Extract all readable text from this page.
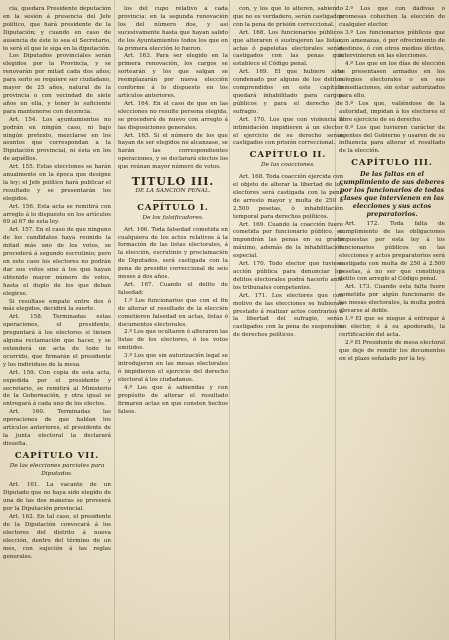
cia, quedará Presidente deputación en la sesión á presencia del Jefe político, que hará presidente de la Diputación; y cuando en caso de ausencia de éste lo sea el Secretario, lo será el que le siga en la diputación.

Los Diputados provinciales serán elegidos por la Provincia, y se renovarán por mitad cada dos años; para serlo se requiere ser ciudadano, mayor de 25 años, natural de la provincia o con vecindad de siete años en ella, y tener lo suficiente para mantenerse con decencia.

Art. 154. Los ayuntamientos no podrán en ningún caso, ni bajo ningún pretexto, mezclarse en los asuntos que correspondan a la Diputación provincial, ni ésta en los de aquéllos.

Art. 155. Estas elecciones se harán anualmente en la época que designe la ley; el Jefe político hará publicar el resultado y se presentarán los elegidos.

Art. 156. Esta acta se remitirá con arreglo á lo dispuesto en los artículos 69 al 67 de esta ley.

Art. 157. En el caso de que ninguno de los candidatos haya reunido la mitad más uno de los votos, se procederá á segundo escrutinio; pero en este caso los electores no podrán dar sus votos sino á los que hayan obtenido mayor número de votos, hasta el duplo de los que deban elegirse.

Si resultase empate entre dos ó más elegidos, decidirá la suerte.

Art. 158. Terminadas estas operaciones, el presidente, preguntará á los electores si tienen alguna reclamación que hacer, y se extenderá un acta de todo lo ocurrido, que firmarán el presidente y los individuos de la mesa.

Art. 159. Con copia de esta acta, expedida por el presidente y secretario, se remitirá al Ministerio de la Gobernación, y otra igual se entregará á cada uno de los electos.

Art. 160. Terminadas las operaciones de que hablan los artículos anteriores, el presidente de la junta electoral la declarará disuelta.

CAPÍTULO VII.

De las elecciones parciales para Diputados.

Art. 161. La vacante de un Diputado que no haya sido elegido de una de las dos maneras se proveerá por la Diputación provincial.

Art. 162. En tal caso, el presidente de la Diputación convocará á los electores del distrito á nueva elección, dentro del término de un mes, con sujeción á las reglas generales.

los del cupo relativo á cada provincia: en la segunda renovación los del número dos, y así sucesivamente hasta que hayan salido de los Ayuntamientos todos los que en la primera elección lo fueron.

Art. 163. Para ser elegido en la primera renovación, los cargos se sortearán y los que salgan se reemplazarán por nueva elección conforme á lo dispuesto en los artículos anteriores.

Art. 164. En el caso de que en las elecciones no resulte persona elegida, se procederá de nuevo con arreglo á las disposiciones generales.

Art. 165. Si el número de los que hayan de ser elegidos no alcanzase, se harán las correspondientes operaciones, y se declarará electos los que reúnan mayor número de votos.

TITULO III.

DE LA SANCIÓN PENAL.

CAPÍTULO I.

De los falsificadores.

Art. 166. Toda falsedad cometida en cualquiera de los actos relativos á la formación de las listas electorales, á la elección, escrutinio y proclamación de Diputados, será castigada con la pena de presidio correccional de seis meses á dos años.

Art. 167. Cuando el delito de falsedad:

1.º Los funcionarios que con el fin de alterar el resultado de la elección cometieren falsedad en actas, listas ó documentos electorales.

2.º Los que ocultaren ó alteraren las listas de los electores, ó los votos emitidos.

3.º Los que sin autorización legal se introdujeren en las mesas electorales ó impidieren el ejercicio del derecho electoral á los ciudadanos.

4.º Los que á sabiendas y con propósito de alterar el resultado firmaren actas en que consten hechos falsos.

con, y los que lo alteren, sabiendo que no es verdadero, serán castigados con la pena de prisión correccional.

Art. 168. Los funcionarios públicos que alteraren ó sustrajeren las listas, actas ó papeletas electorales serán castigados con las penas que establece el Código penal.

Art. 169. El que hubiere sido condenado por alguno de los delitos comprendidos en este capítulo quedará inhabilitado para cargos públicos y para el derecho de sufragio.

Art. 170. Los que con violencia ó intimidación impidieren á un elector el ejercicio de su derecho serán castigados con prisión correccional.

CAPÍTULO II.

De las coacciones.

Art. 168. Toda coacción ejercida con el objeto de alterar la libertad de los electores será castigada con la pena de arresto mayor y multa de 250 á 2.500 pesetas, ó inhabilitación temporal para derechos políticos.

Art. 169. Cuando la coacción fuere cometida por funcionario público, se impondrán las penas en su grado máximo, además de la inhabilitación especial.

Art. 170. Todo elector que tuviese acción pública para denunciar los delitos electorales podrá hacerlo ante los tribunales competentes.

Art. 171. Los electores que con motivo de las elecciones se hubieran prestado á realizar actos contrarios á la libertad del sufragio, serán castigados con la pena de suspensión de derechos políticos.

2.º Los que con dádivas ó promesas cohechen la elección de cualquier elector.

3.º Los funcionarios públicos que con amenazas, ó por ofrecimiento de destinos, ó con otros medios ilícitos, intervinieren en las elecciones.

4.º Los que en los días de elección se presentasen armados en los colegios electorales o en sus inmediaciones, sin estar autorizados para ello.

5.º Los que, valiéndose de la autoridad, impidan á los electores el libre ejercicio de su derecho.

6.º Los que tuvieren carácter de agentes del Gobierno y usaren de su influencia para alterar el resultado de la elección.

CAPÍTULO III.

De las faltas en el cumplimiento de sus deberes por los funcionarios de todas clases que intervienen en las elecciones y sus actos preparatorios.

Art. 172. Toda falta de cumplimiento de las obligaciones impuestas por esta ley á los funcionarios públicos en las elecciones y actos preparatorios será castigada con multa de 250 á 2.500 pesetas, á no ser que constituya delito con arreglo al Código penal.

Art. 173. Cuando esta falta fuere cometida por algún funcionario de las mesas electorales, la multa podrá elevarse al doble.

1.º El que se niegue á entregar á un elector, ó á su apoderado, la certificación del acta.

2.º El Presidente de mesa electoral que deje de remitir los documentos en el plazo señalado por la ley.
